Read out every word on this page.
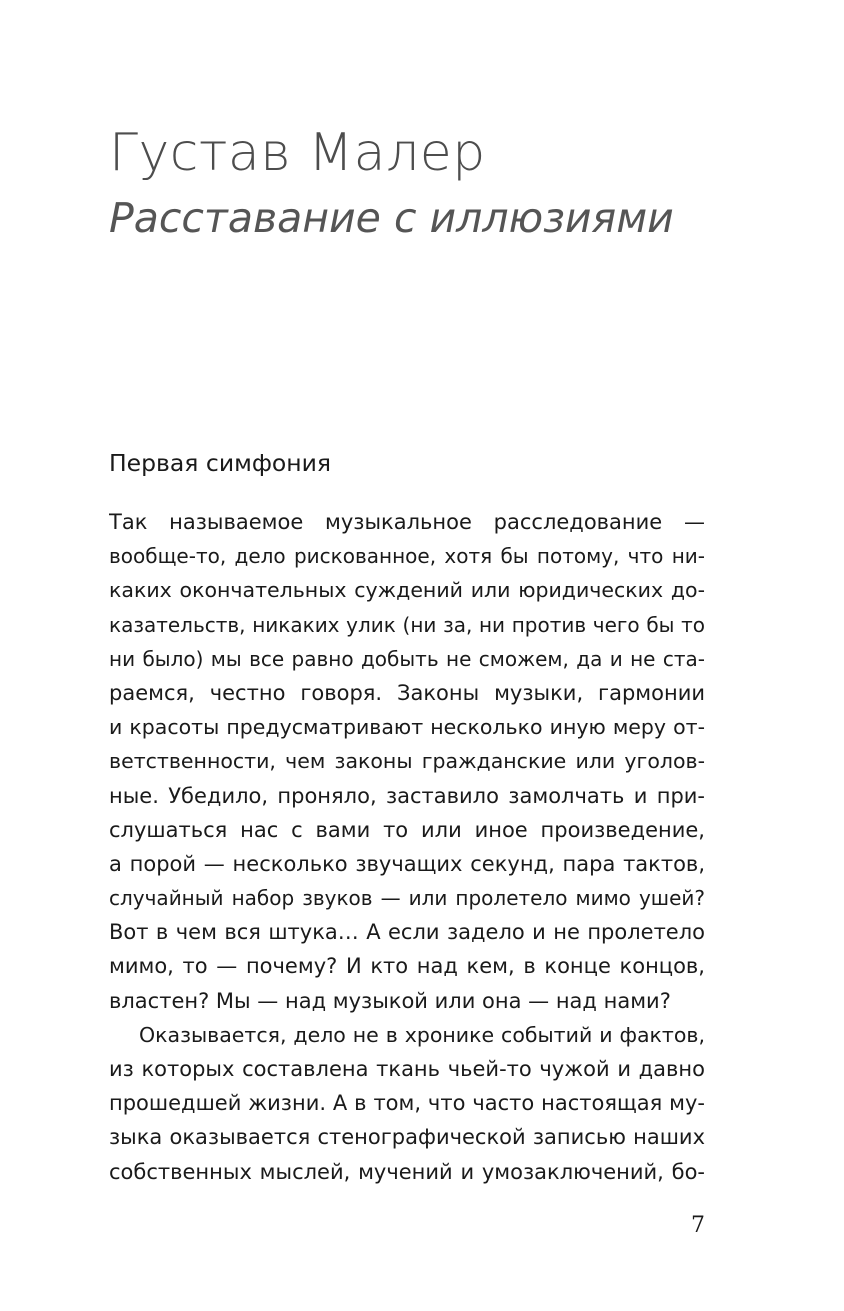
Густав Малер
Расставание с иллюзиями
Первая симфония
Так называемое музыкальное расследование —
вообще-то, дело рискованное, хотя бы потому, что ни-
каких окончательных суждений или юридических до-
казательств, никаких улик (ни за, ни против чего бы то
ни было) мы все равно добыть не сможем, да и не ста-
раемся, честно говоря. Законы музыки, гармонии
и красоты предусматривают несколько иную меру от-
ветственности, чем законы гражданские или уголов-
ные. Убедило, проняло, заставило замолчать и при-
слушаться нас с вами то или иное произведение,
а порой — несколько звучащих секунд, пара тактов,
случайный набор звуков — или пролетело мимо ушей?
Вот в чем вся штука… А если задело и не пролетело
мимо, то — почему? И кто над кем, в конце концов,
властен? Мы — над музыкой или она — над нами?
Оказывается, дело не в хронике событий и фактов,
из которых составлена ткань чьей-то чужой и давно
прошедшей жизни. А в том, что часто настоящая му-
зыка оказывается стенографической записью наших
собственных мыслей, мучений и умозаключений, бо-
7
